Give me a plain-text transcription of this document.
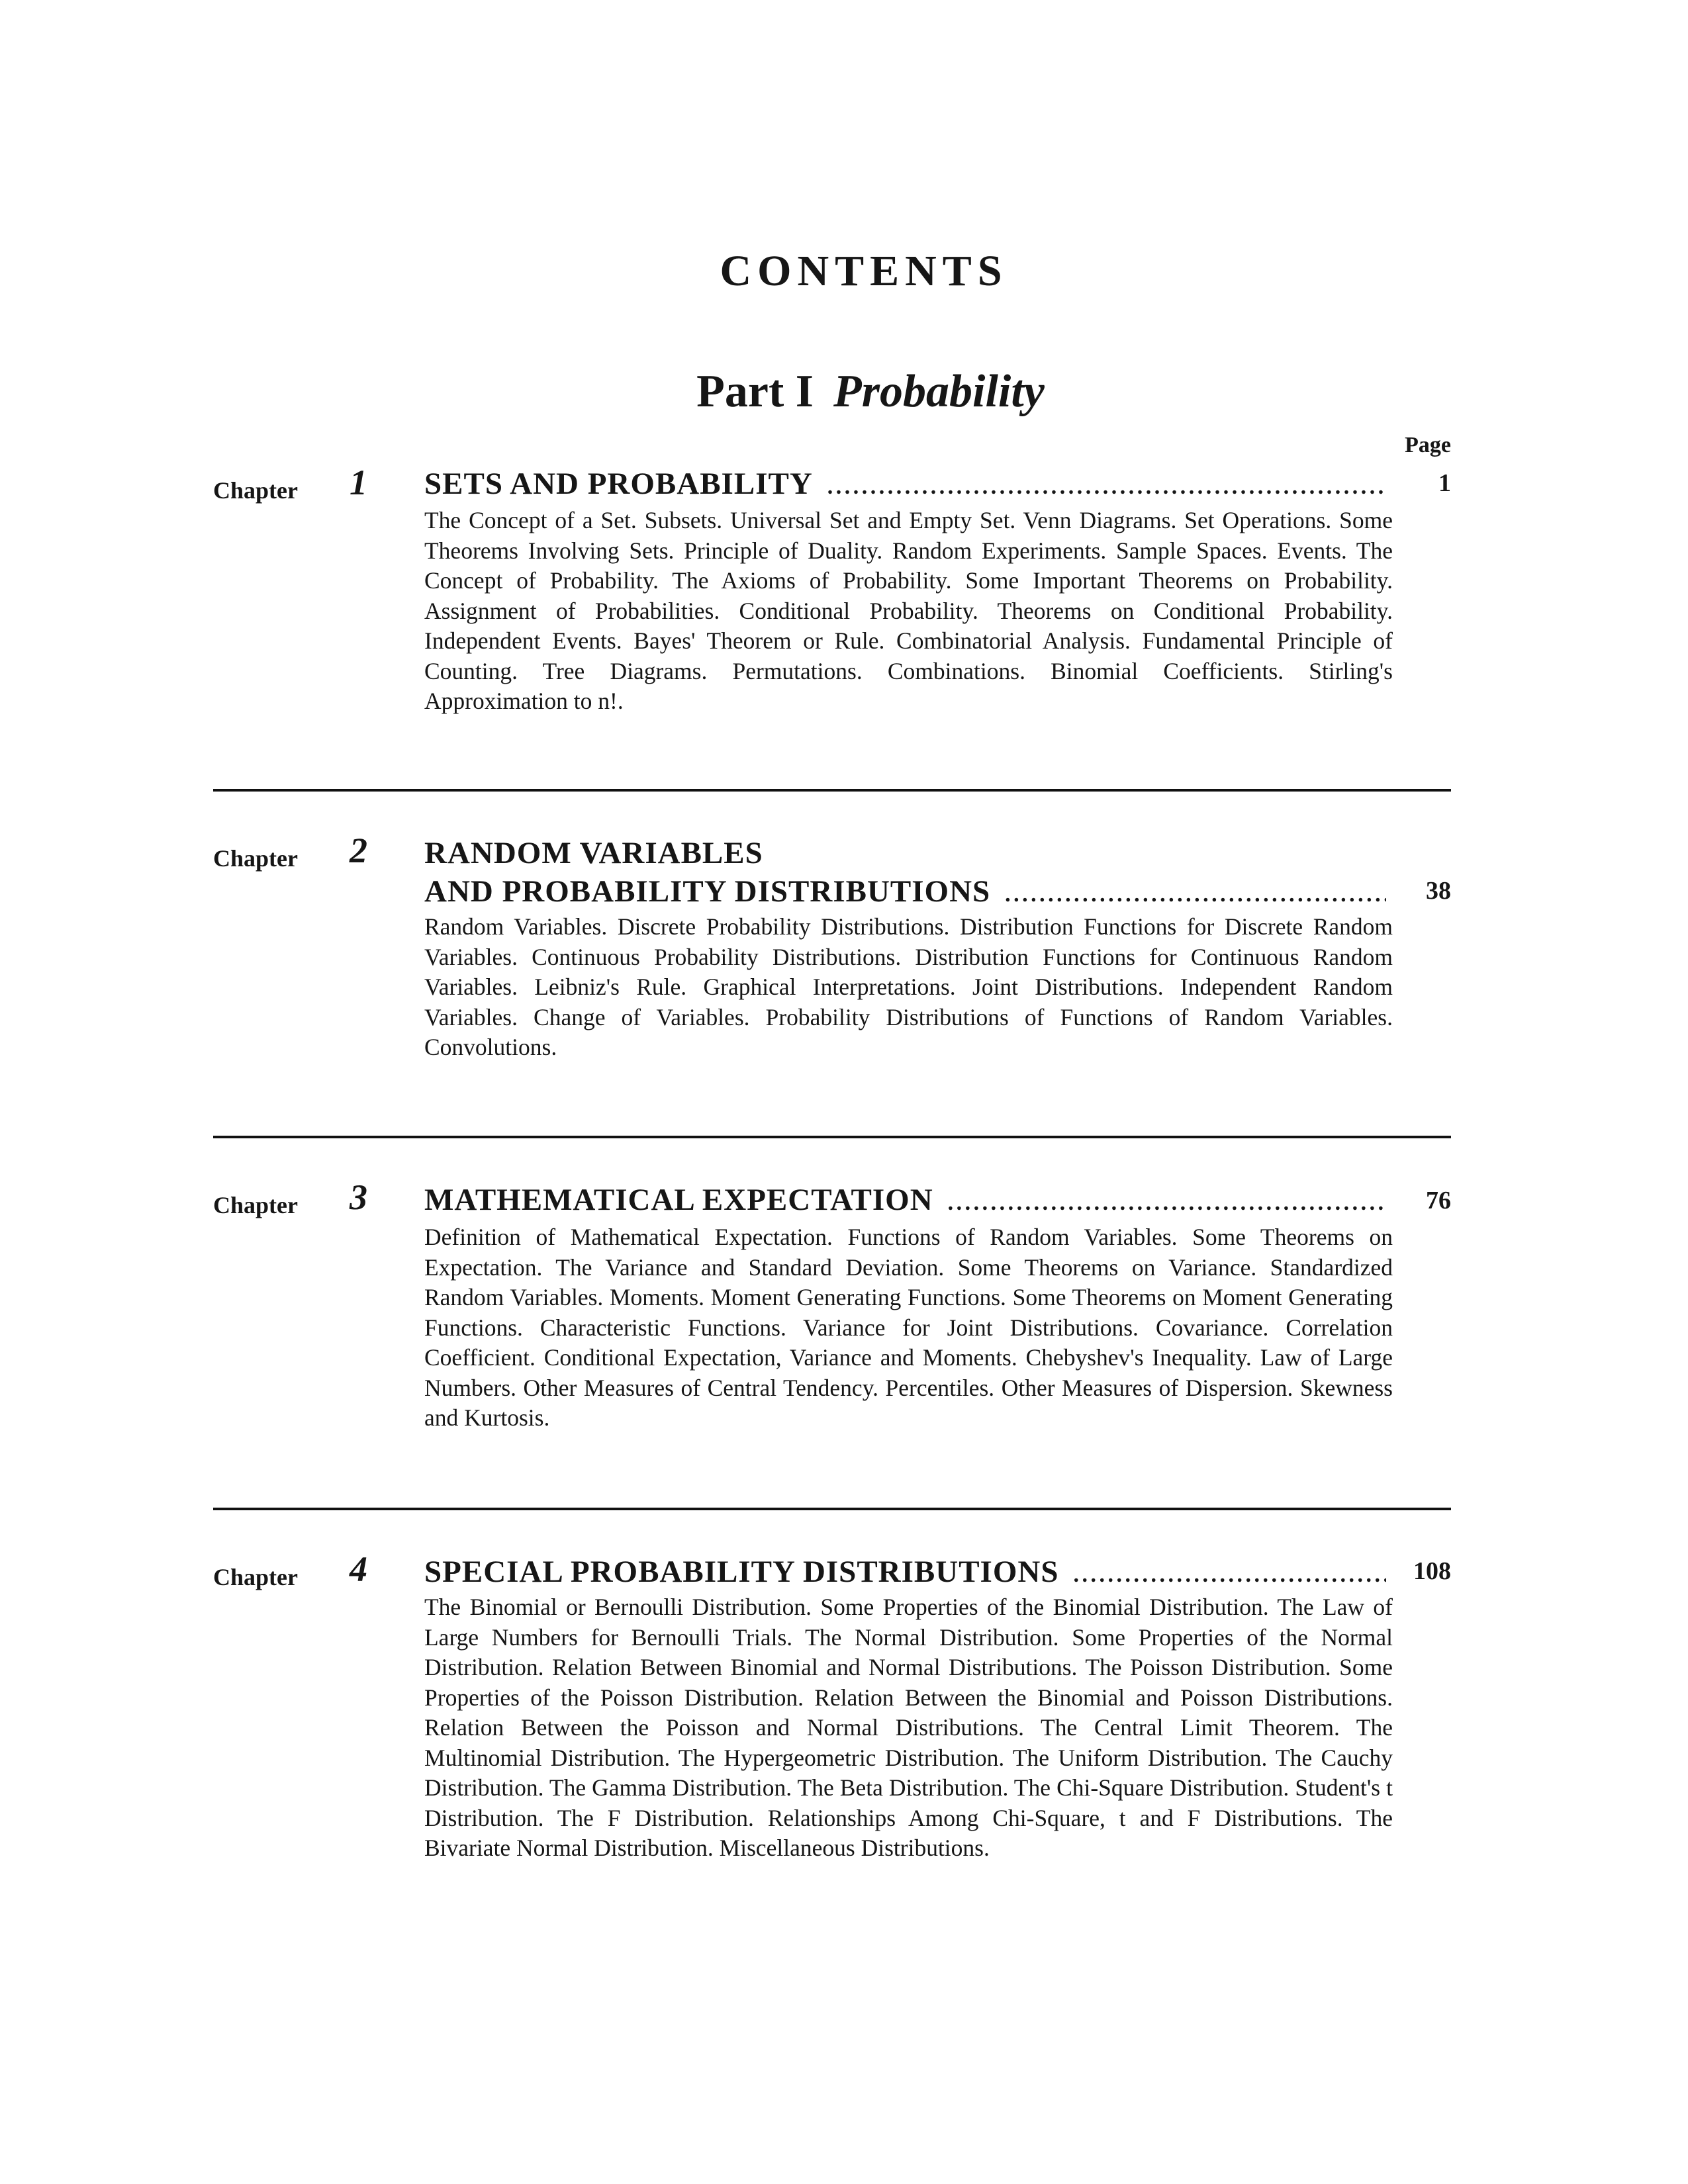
CONTENTS
Part I Probability
Page
Chapter 1 SETS AND PROBABILITY . . .	1
The Concept of a Set. Subsets. Universal Set and Empty Set. Venn Diagrams. Set Operations. Some Theorems Involving Sets. Principle of Duality. Random Experiments. Sample Spaces. Events. The Concept of Probability. The Axioms of Probability. Some Important Theorems on Probability. Assignment of Probabilities. Conditional Probability. Theorems on Conditional Probability. Independent Events. Bayes' Theorem or Rule. Combinatorial Analysis. Fundamental Principle of Counting. Tree Diagrams. Permutations. Combinations. Binomial Coefficients. Stirling's Approximation to n!.
Chapter 2 RANDOM VARIABLES
AND PROBABILITY DISTRIBUTIONS . . .	38
Random Variables. Discrete Probability Distributions. Distribution Functions for Discrete Random Variables. Continuous Probability Distributions. Distribution Functions for Continuous Random Variables. Leibniz's Rule. Graphical Interpretations. Joint Distributions. Independent Random Variables. Change of Variables. Probability Distributions of Functions of Random Variables. Convolutions.
Chapter 3 MATHEMATICAL EXPECTATION . . .	76
Definition of Mathematical Expectation. Functions of Random Variables. Some Theorems on Expectation. The Variance and Standard Deviation. Some Theorems on Variance. Standardized Random Variables. Moments. Moment Generating Functions. Some Theorems on Moment Generating Functions. Characteristic Functions. Variance for Joint Distributions. Covariance. Correlation Coefficient. Conditional Expectation, Variance and Moments. Chebyshev's Inequality. Law of Large Numbers. Other Measures of Central Tendency. Percentiles. Other Measures of Dispersion. Skewness and Kurtosis.
Chapter 4 SPECIAL PROBABILITY DISTRIBUTIONS . . .	108
The Binomial or Bernoulli Distribution. Some Properties of the Binomial Distribution. The Law of Large Numbers for Bernoulli Trials. The Normal Distribution. Some Properties of the Normal Distribution. Relation Between Binomial and Normal Distributions. The Poisson Distribution. Some Properties of the Poisson Distribution. Relation Between the Binomial and Poisson Distributions. Relation Between the Poisson and Normal Distributions. The Central Limit Theorem. The Multinomial Distribution. The Hypergeometric Distribution. The Uniform Distribution. The Cauchy Distribution. The Gamma Distribution. The Beta Distribution. The Chi-Square Distribution. Student's t Distribution. The F Distribution. Relationships Among Chi-Square, t and F Distributions. The Bivariate Normal Distribution. Miscellaneous Distributions.
